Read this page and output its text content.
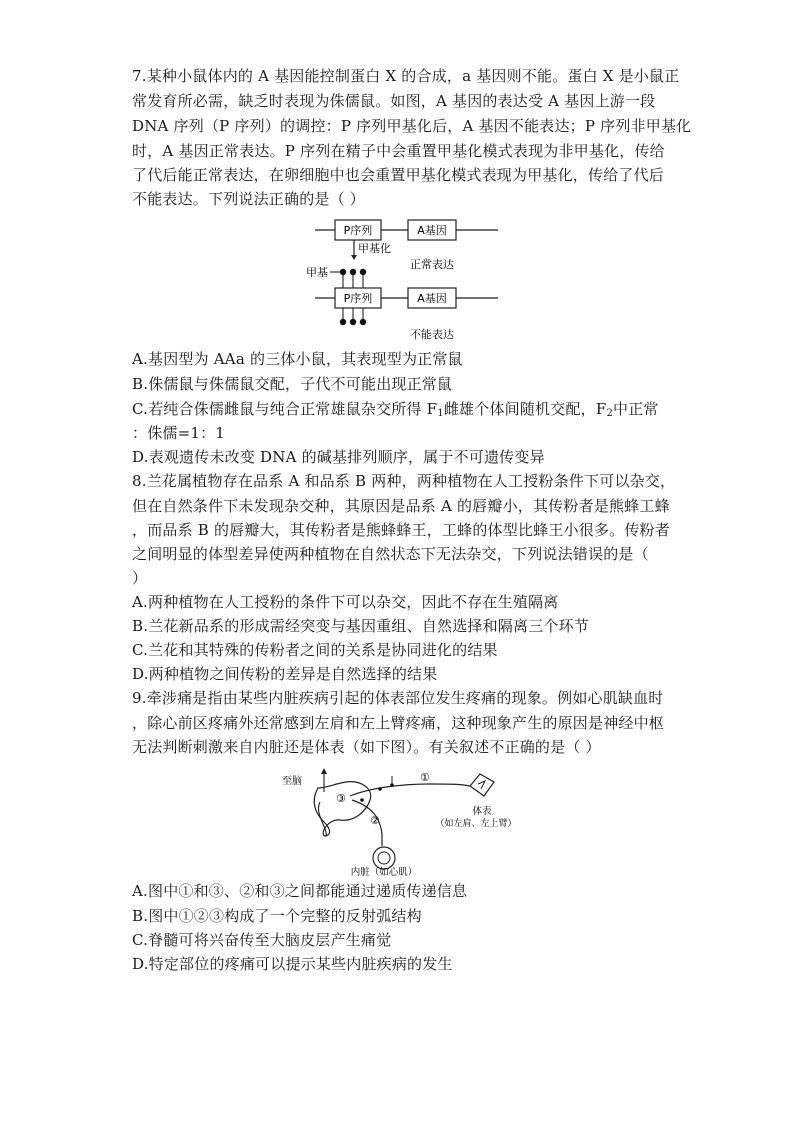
7.某种小鼠体内的 A 基因能控制蛋白 X 的合成，a 基因则不能。蛋白 X 是小鼠正
常发育所必需，缺乏时表现为侏儒鼠。如图，A 基因的表达受 A 基因上游一段
DNA 序列（P 序列）的调控：P 序列甲基化后，A 基因不能表达；P 序列非甲基化
时，A 基因正常表达。P 序列在精子中会重置甲基化模式表现为非甲基化，传给
了代后能正常表达，在卵细胞中也会重置甲基化模式表现为甲基化，传给了代后
不能表达。下列说法正确的是（ ）
P序列	A基因
甲基化
正常表达
甲基
P序列	A基因
不能表达
A.基因型为 AAa 的三体小鼠，其表现型为正常鼠
B.侏儒鼠与侏儒鼠交配，子代不可能出现正常鼠
C.若纯合侏儒雌鼠与纯合正常雄鼠杂交所得 $F_1$雌雄个体间随机交配，$F_2$中正常
：侏儒=1：1
D.表观遗传未改变 DNA 的碱基排列顺序，属于不可遗传变异
8.兰花属植物存在品系 A 和品系 B 两种，两种植物在人工授粉条件下可以杂交，
但在自然条件下未发现杂交种，其原因是品系 A 的唇瓣小，其传粉者是熊蜂工蜂
，而品系 B 的唇瓣大，其传粉者是熊蜂蜂王，工蜂的体型比蜂王小很多。传粉者
之间明显的体型差异使两种植物在自然状态下无法杂交，下列说法错误的是（
）
A.两种植物在人工授粉的条件下可以杂交，因此不存在生殖隔离
B.兰花新品系的形成需经突变与基因重组、自然选择和隔离三个环节
C.兰花和其特殊的传粉者之间的关系是协同进化的结果
D.两种植物之间传粉的差异是自然选择的结果
9.牵涉痛是指由某些内脏疾病引起的体表部位发生疼痛的现象。例如心肌缺血时
，除心前区疼痛外还常感到左肩和左上臂疼痛，这种现象产生的原因是神经中枢
无法判断刺激来自内脏还是体表（如下图）。有关叙述不正确的是（ ）
至脑
③
①
体表
（如左肩、左上臂）
②
内脏（如心肌）
A.图中①和③、②和③之间都能通过递质传递信息
B.图中①②③构成了一个完整的反射弧结构
C.脊髓可将兴奋传至大脑皮层产生痛觉
D.特定部位的疼痛可以提示某些内脏疾病的发生
